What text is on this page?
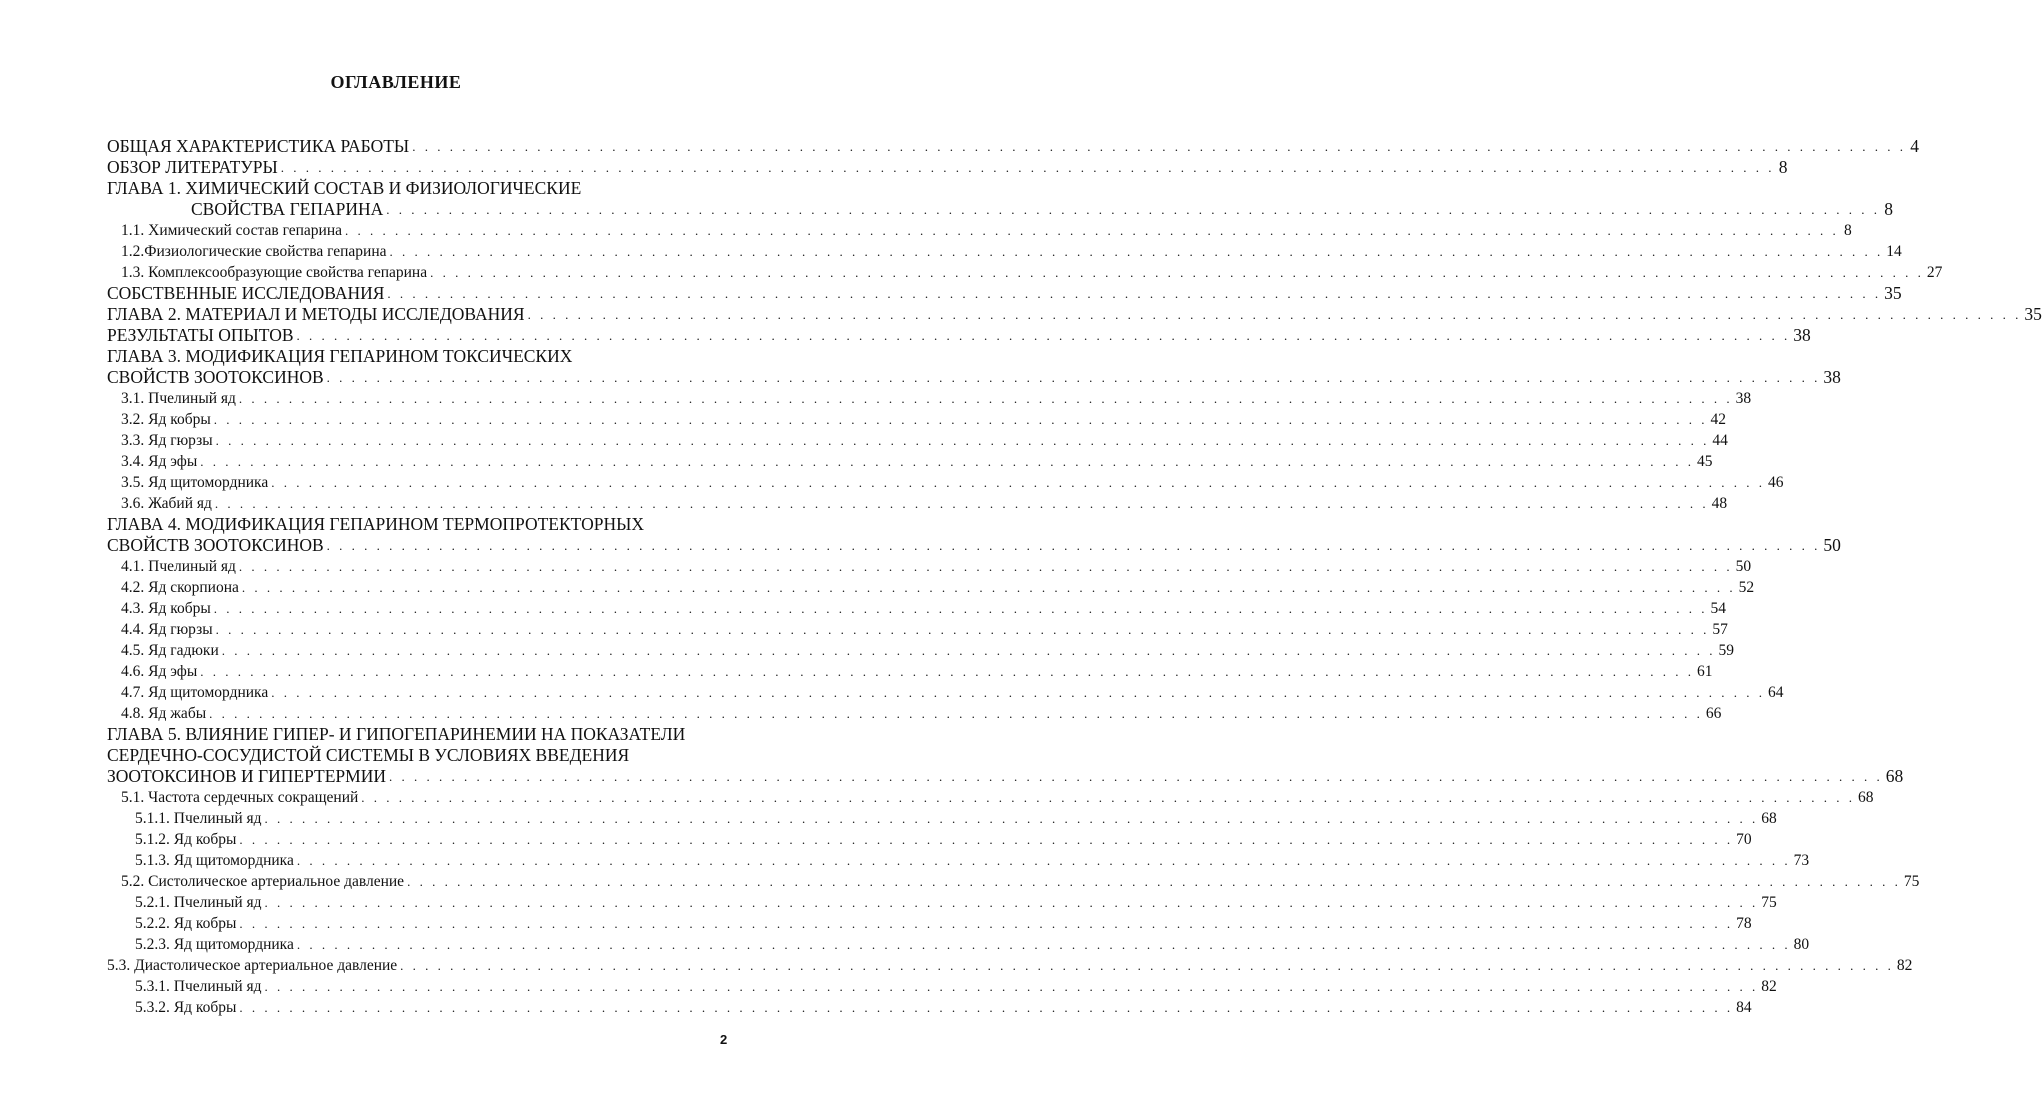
ОГЛАВЛЕНИЕ
ОБЩАЯ ХАРАКТЕРИСТИКА РАБОТЫ . . . . . . . . . . . . . . . . . . . . . . . . . . . . . . . . . . . . . . . . . . . . . . . . . . . . . . . . . . . . . . . . . . . . . . . . . . . . . . . . . . . . . . . . . . . . . . . . . . . . . . . . . . . . . . . . . . . . . . . . 4
ОБЗОР ЛИТЕРАТУРЫ . . . . . . . . . . . . . . . . . . . . . . . . . . . . . . . . . . . . . . . . . . . . . . . . . . . . . . . . . . . . . . . . . . . . . . . . . . . . . . . . . . . . . . . . . . . . . . . . . . . . . . . . . . . . . . . . . . . . . . . . 8
ГЛАВА 1. ХИМИЧЕСКИЙ СОСТАВ И ФИЗИОЛОГИЧЕСКИЕ
СВОЙСТВА ГЕПАРИНА . . . . . . . . . . . . . . . . . . . . . . . . . . . . . . . . . . . . . . . . . . . . . . . . . . . . . . . . . . . . . . . . . . . . . . . . . . . . . . . . . . . . . . . . . . . . . . . . . . . . . . . . . . . . . . . . . . . . . . . . 8
1.1. Химический состав гепарина . . . . . . . . . . . . . . . . . . . . . . . . . . . . . . . . . . . . . . . . . . . . . . . . . . . . . . . . . . . . . . . . . . . . . . . . . . . . . . . . . . . . . . . . . . . . . . . . . . . . . . . . . . . . . . . . . . . . . . . . 8
1.2.Физиологические свойства гепарина . . . . . . . . . . . . . . . . . . . . . . . . . . . . . . . . . . . . . . . . . . . . . . . . . . . . . . . . . . . . . . . . . . . . . . . . . . . . . . . . . . . . . . . . . . . . . . . . . . . . . . . . . . . . . . . . . . . . . . . . 14
1.3. Комплексообразующие свойства гепарина . . . . . . . . . . . . . . . . . . . . . . . . . . . . . . . . . . . . . . . . . . . . . . . . . . . . . . . . . . . . . . . . . . . . . . . . . . . . . . . . . . . . . . . . . . . . . . . . . . . . . . . . . . . . . . . . . . . . . . . . 27
СОБСТВЕННЫЕ ИССЛЕДОВАНИЯ . . . . . . . . . . . . . . . . . . . . . . . . . . . . . . . . . . . . . . . . . . . . . . . . . . . . . . . . . . . . . . . . . . . . . . . . . . . . . . . . . . . . . . . . . . . . . . . . . . . . . . . . . . . . . . . . . . . . . . . . 35
ГЛАВА 2. МАТЕРИАЛ И МЕТОДЫ ИССЛЕДОВАНИЯ . . . . . . . . . . . . . . . . . . . . . . . . . . . . . . . . . . . . . . . . . . . . . . . . . . . . . . . . . . . . . . . . . . . . . . . . . . . . . . . . . . . . . . . . . . . . . . . . . . . . . . . . . . . . . . . . . . . . . . . . 35
РЕЗУЛЬТАТЫ ОПЫТОВ . . . . . . . . . . . . . . . . . . . . . . . . . . . . . . . . . . . . . . . . . . . . . . . . . . . . . . . . . . . . . . . . . . . . . . . . . . . . . . . . . . . . . . . . . . . . . . . . . . . . . . . . . . . . . . . . . . . . . . . . 38
ГЛАВА 3. МОДИФИКАЦИЯ ГЕПАРИНОМ ТОКСИЧЕСКИХ
СВОЙСТВ ЗООТОКСИНОВ . . . . . . . . . . . . . . . . . . . . . . . . . . . . . . . . . . . . . . . . . . . . . . . . . . . . . . . . . . . . . . . . . . . . . . . . . . . . . . . . . . . . . . . . . . . . . . . . . . . . . . . . . . . . . . . . . . . . . . . . 38
3.1. Пчелиный яд . . . . . . . . . . . . . . . . . . . . . . . . . . . . . . . . . . . . . . . . . . . . . . . . . . . . . . . . . . . . . . . . . . . . . . . . . . . . . . . . . . . . . . . . . . . . . . . . . . . . . . . . . . . . . . . . . . . . . . . . 38
3.2. Яд кобры . . . . . . . . . . . . . . . . . . . . . . . . . . . . . . . . . . . . . . . . . . . . . . . . . . . . . . . . . . . . . . . . . . . . . . . . . . . . . . . . . . . . . . . . . . . . . . . . . . . . . . . . . . . . . . . . . . . . . . . . 42
3.3. Яд гюрзы . . . . . . . . . . . . . . . . . . . . . . . . . . . . . . . . . . . . . . . . . . . . . . . . . . . . . . . . . . . . . . . . . . . . . . . . . . . . . . . . . . . . . . . . . . . . . . . . . . . . . . . . . . . . . . . . . . . . . . . . 44
3.4. Яд эфы . . . . . . . . . . . . . . . . . . . . . . . . . . . . . . . . . . . . . . . . . . . . . . . . . . . . . . . . . . . . . . . . . . . . . . . . . . . . . . . . . . . . . . . . . . . . . . . . . . . . . . . . . . . . . . . . . . . . . . . . 45
3.5. Яд щитомордника . . . . . . . . . . . . . . . . . . . . . . . . . . . . . . . . . . . . . . . . . . . . . . . . . . . . . . . . . . . . . . . . . . . . . . . . . . . . . . . . . . . . . . . . . . . . . . . . . . . . . . . . . . . . . . . . . . . . . . . . 46
3.6. Жабий яд . . . . . . . . . . . . . . . . . . . . . . . . . . . . . . . . . . . . . . . . . . . . . . . . . . . . . . . . . . . . . . . . . . . . . . . . . . . . . . . . . . . . . . . . . . . . . . . . . . . . . . . . . . . . . . . . . . . . . . . . 48
ГЛАВА 4. МОДИФИКАЦИЯ ГЕПАРИНОМ ТЕРМОПРОТЕКТОРНЫХ
СВОЙСТВ ЗООТОКСИНОВ . . . . . . . . . . . . . . . . . . . . . . . . . . . . . . . . . . . . . . . . . . . . . . . . . . . . . . . . . . . . . . . . . . . . . . . . . . . . . . . . . . . . . . . . . . . . . . . . . . . . . . . . . . . . . . . . . . . . . . . . 50
4.1. Пчелиный яд . . . . . . . . . . . . . . . . . . . . . . . . . . . . . . . . . . . . . . . . . . . . . . . . . . . . . . . . . . . . . . . . . . . . . . . . . . . . . . . . . . . . . . . . . . . . . . . . . . . . . . . . . . . . . . . . . . . . . . . . 50
4.2. Яд скорпиона . . . . . . . . . . . . . . . . . . . . . . . . . . . . . . . . . . . . . . . . . . . . . . . . . . . . . . . . . . . . . . . . . . . . . . . . . . . . . . . . . . . . . . . . . . . . . . . . . . . . . . . . . . . . . . . . . . . . . . . . 52
4.3. Яд кобры . . . . . . . . . . . . . . . . . . . . . . . . . . . . . . . . . . . . . . . . . . . . . . . . . . . . . . . . . . . . . . . . . . . . . . . . . . . . . . . . . . . . . . . . . . . . . . . . . . . . . . . . . . . . . . . . . . . . . . . . 54
4.4. Яд гюрзы . . . . . . . . . . . . . . . . . . . . . . . . . . . . . . . . . . . . . . . . . . . . . . . . . . . . . . . . . . . . . . . . . . . . . . . . . . . . . . . . . . . . . . . . . . . . . . . . . . . . . . . . . . . . . . . . . . . . . . . . 57
4.5. Яд гадюки . . . . . . . . . . . . . . . . . . . . . . . . . . . . . . . . . . . . . . . . . . . . . . . . . . . . . . . . . . . . . . . . . . . . . . . . . . . . . . . . . . . . . . . . . . . . . . . . . . . . . . . . . . . . . . . . . . . . . . . . 59
4.6. Яд эфы . . . . . . . . . . . . . . . . . . . . . . . . . . . . . . . . . . . . . . . . . . . . . . . . . . . . . . . . . . . . . . . . . . . . . . . . . . . . . . . . . . . . . . . . . . . . . . . . . . . . . . . . . . . . . . . . . . . . . . . . 61
4.7. Яд щитомордника . . . . . . . . . . . . . . . . . . . . . . . . . . . . . . . . . . . . . . . . . . . . . . . . . . . . . . . . . . . . . . . . . . . . . . . . . . . . . . . . . . . . . . . . . . . . . . . . . . . . . . . . . . . . . . . . . . . . . . . . 64
4.8. Яд жабы . . . . . . . . . . . . . . . . . . . . . . . . . . . . . . . . . . . . . . . . . . . . . . . . . . . . . . . . . . . . . . . . . . . . . . . . . . . . . . . . . . . . . . . . . . . . . . . . . . . . . . . . . . . . . . . . . . . . . . . . 66
ГЛАВА 5. ВЛИЯНИЕ ГИПЕР- И ГИПОГЕПАРИНЕМИИ НА ПОКАЗАТЕЛИ
СЕРДЕЧНО-СОСУДИСТОЙ СИСТЕМЫ В УСЛОВИЯХ ВВЕДЕНИЯ
ЗООТОКСИНОВ И ГИПЕРТЕРМИИ . . . . . . . . . . . . . . . . . . . . . . . . . . . . . . . . . . . . . . . . . . . . . . . . . . . . . . . . . . . . . . . . . . . . . . . . . . . . . . . . . . . . . . . . . . . . . . . . . . . . . . . . . . . . . . . . . . . . . . . . 68
5.1. Частота сердечных сокращений . . . . . . . . . . . . . . . . . . . . . . . . . . . . . . . . . . . . . . . . . . . . . . . . . . . . . . . . . . . . . . . . . . . . . . . . . . . . . . . . . . . . . . . . . . . . . . . . . . . . . . . . . . . . . . . . . . . . . . . . 68
5.1.1. Пчелиный яд . . . . . . . . . . . . . . . . . . . . . . . . . . . . . . . . . . . . . . . . . . . . . . . . . . . . . . . . . . . . . . . . . . . . . . . . . . . . . . . . . . . . . . . . . . . . . . . . . . . . . . . . . . . . . . . . . . . . . . . . 68
5.1.2. Яд кобры . . . . . . . . . . . . . . . . . . . . . . . . . . . . . . . . . . . . . . . . . . . . . . . . . . . . . . . . . . . . . . . . . . . . . . . . . . . . . . . . . . . . . . . . . . . . . . . . . . . . . . . . . . . . . . . . . . . . . . . . 70
5.1.3. Яд щитомордника . . . . . . . . . . . . . . . . . . . . . . . . . . . . . . . . . . . . . . . . . . . . . . . . . . . . . . . . . . . . . . . . . . . . . . . . . . . . . . . . . . . . . . . . . . . . . . . . . . . . . . . . . . . . . . . . . . . . . . . . 73
5.2. Систолическое артериальное давление . . . . . . . . . . . . . . . . . . . . . . . . . . . . . . . . . . . . . . . . . . . . . . . . . . . . . . . . . . . . . . . . . . . . . . . . . . . . . . . . . . . . . . . . . . . . . . . . . . . . . . . . . . . . . . . . . . . . . . . . 75
5.2.1. Пчелиный яд . . . . . . . . . . . . . . . . . . . . . . . . . . . . . . . . . . . . . . . . . . . . . . . . . . . . . . . . . . . . . . . . . . . . . . . . . . . . . . . . . . . . . . . . . . . . . . . . . . . . . . . . . . . . . . . . . . . . . . . . 75
5.2.2. Яд кобры . . . . . . . . . . . . . . . . . . . . . . . . . . . . . . . . . . . . . . . . . . . . . . . . . . . . . . . . . . . . . . . . . . . . . . . . . . . . . . . . . . . . . . . . . . . . . . . . . . . . . . . . . . . . . . . . . . . . . . . . 78
5.2.3. Яд щитомордника . . . . . . . . . . . . . . . . . . . . . . . . . . . . . . . . . . . . . . . . . . . . . . . . . . . . . . . . . . . . . . . . . . . . . . . . . . . . . . . . . . . . . . . . . . . . . . . . . . . . . . . . . . . . . . . . . . . . . . . . 80
5.3. Диастолическое артериальное давление . . . . . . . . . . . . . . . . . . . . . . . . . . . . . . . . . . . . . . . . . . . . . . . . . . . . . . . . . . . . . . . . . . . . . . . . . . . . . . . . . . . . . . . . . . . . . . . . . . . . . . . . . . . . . . . . . . . . . . . . 82
5.3.1. Пчелиный яд . . . . . . . . . . . . . . . . . . . . . . . . . . . . . . . . . . . . . . . . . . . . . . . . . . . . . . . . . . . . . . . . . . . . . . . . . . . . . . . . . . . . . . . . . . . . . . . . . . . . . . . . . . . . . . . . . . . . . . . . 82
5.3.2. Яд кобры . . . . . . . . . . . . . . . . . . . . . . . . . . . . . . . . . . . . . . . . . . . . . . . . . . . . . . . . . . . . . . . . . . . . . . . . . . . . . . . . . . . . . . . . . . . . . . . . . . . . . . . . . . . . . . . . . . . . . . . . 84
2
